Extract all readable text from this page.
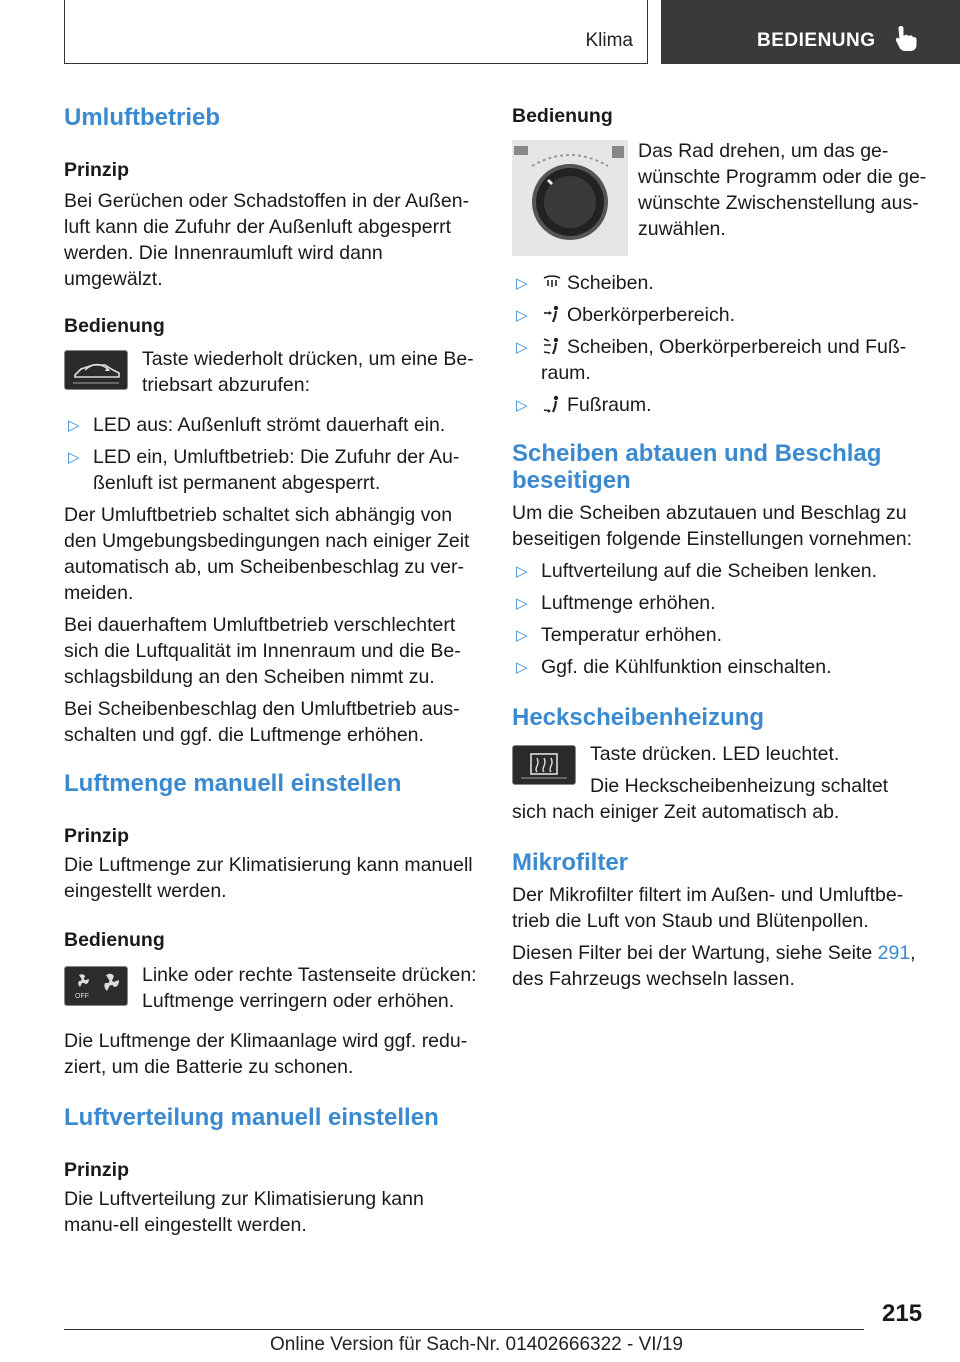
Klima	BEDIENUNG
Umluftbetrieb
Prinzip

Bei Gerüchen oder Schadstoffen in der Außen-luft kann die Zufuhr der Außenluft abgesperrt werden. Die Innenraumluft wird dann umgewälzt.

Bedienung

Taste wiederholt drücken, um eine Be-triebsart abzurufen:

▷ LED aus: Außenluft strömt dauerhaft ein.
▷ LED ein, Umluftbetrieb: Die Zufuhr der Au-ßenluft ist permanent abgesperrt.

Der Umluftbetrieb schaltet sich abhängig von den Umgebungsbedingungen nach einiger Zeit automatisch ab, um Scheibenbeschlag zu ver-meiden.

Bei dauerhaftem Umluftbetrieb verschlechtert sich die Luftqualität im Innenraum und die Be-schlagsbildung an den Scheiben nimmt zu.

Bei Scheibenbeschlag den Umluftbetrieb aus-schalten und ggf. die Luftmenge erhöhen.

Luftmenge manuell einstellen
Prinzip

Die Luftmenge zur Klimatisierung kann manuell eingestellt werden.

Bedienung
OFF

Linke oder rechte Tastenseite drücken: Luftmenge verringern oder erhöhen.

Die Luftmenge der Klimaanlage wird ggf. redu-ziert, um die Batterie zu schonen.

Luftverteilung manuell einstellen
Prinzip

Die Luftverteilung zur Klimatisierung kann manu-ell eingestellt werden.

Bedienung

Das Rad drehen, um das ge-wünschte Programm oder die ge-wünschte Zwischenstellung aus-zuwählen.

▷ Scheiben.
▷ Oberkörperbereich.
▷ Scheiben, Oberkörperbereich und Fuß-raum.
▷ Fußraum.
Scheiben abtauen und Beschlag beseitigen

Um die Scheiben abzutauen und Beschlag zu beseitigen folgende Einstellungen vornehmen:

▷ Luftverteilung auf die Scheiben lenken.
▷ Luftmenge erhöhen.
▷ Temperatur erhöhen.
▷ Ggf. die Kühlfunktion einschalten.
Heckscheibenheizung

Taste drücken. LED leuchtet.

Die Heckscheibenheizung schaltet sich nach einiger Zeit automatisch ab.

Mikrofilter

Der Mikrofilter filtert im Außen- und Umluftbe-trieb die Luft von Staub und Blütenpollen.

Diesen Filter bei der Wartung, siehe Seite 291, des Fahrzeugs wechseln lassen.

215
Online Version für Sach-Nr. 01402666322 - VI/19
